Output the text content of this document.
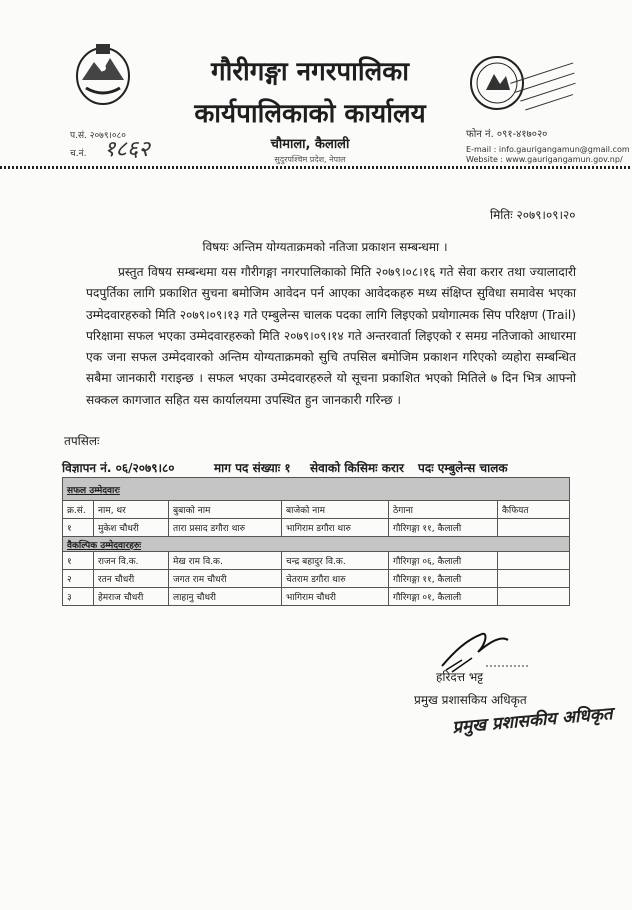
गौरीगङ्गा नगरपालिका
कार्यपालिकाको कार्यालय
चौमाला, कैलाली
सुदुरपश्चिम प्रदेश, नेपाल
प.सं. २०७९।०८०
च.नं. १८६२
फोन नं. ०९१-४१७०२०
E-mail : info.gaurigangamun@gmail.com
Website : www.gaurigangamun.gov.np/
मितिः २०७९।०९।२०
विषयः अन्तिम योग्यताक्रमको नतिजा प्रकाशन सम्बन्धमा ।
प्रस्तुत विषय सम्बन्धमा यस गौरीगङ्गा नगरपालिकाको मिति २०७९।०८।१६ गते सेवा करार तथा ज्यालादारी पदपुर्तिका लागि प्रकाशित सुचना बमोजिम आवेदन पर्न आएका आवेदकहरु मध्य संक्षिप्त सुविधा समावेस भएका उम्मेदवारहरुको मिति २०७९।०९।१३ गते एम्बुलेन्स चालक पदका लागि लिइएको प्रयोगात्मक सिप परिक्षण (Trail) परिक्षामा सफल भएका उम्मेदवारहरुको मिति २०७९।०९।१४ गते अन्तरवार्ता लिइएको र समग्र नतिजाको आधारमा एक जना सफल उम्मेदवारको अन्तिम योग्यताक्रमको सुचि तपसिल बमोजिम प्रकाशन गरिएको व्यहोरा सम्बन्धित सबैमा जानकारी गराइन्छ । सफल भएका उम्मेदवारहरुले यो सूचना प्रकाशित भएको मितिले ७ दिन भित्र आफ्नो सक्कल कागजात सहित यस कार्यालयमा उपस्थित हुन जानकारी गरिन्छ ।
तपसिलः
विज्ञापन नं. ०६/२०७९।८०	माग पद संख्याः १ सेवाको किसिमः करार पदः एम्बुलेन्स चालक
सफल उम्मेदवारः					
क्र.सं.	नाम, थर	बुबाको नाम	बाजेको नाम	ठेगाना	कैफियत
१	मुकेश चौधरी	तारा प्रसाद डगौरा थारु	भागिराम डगौरा थारु	गौरिगङ्गा ११, कैलाली	
वैकल्पिक उम्मेदवारहरुः					
१	राजन वि.क.	मेख राम वि.क.	चन्द्र बहादुर वि.क.	गौरिगङ्गा ०६, कैलाली	
२	रतन चौधरी	जगत राम चौधरी	चेतराम डगौरा थारु	गौरिगङ्गा ११, कैलाली	
३	हेमराज चौधरी	लाहानु चौधरी	भागिराम चौधरी	गौरिगङ्गा ०१, कैलाली	
हरिदत्त भट्ट
प्रमुख प्रशासकिय अधिकृत
प्रमुख प्रशासकीय अधिकृत
